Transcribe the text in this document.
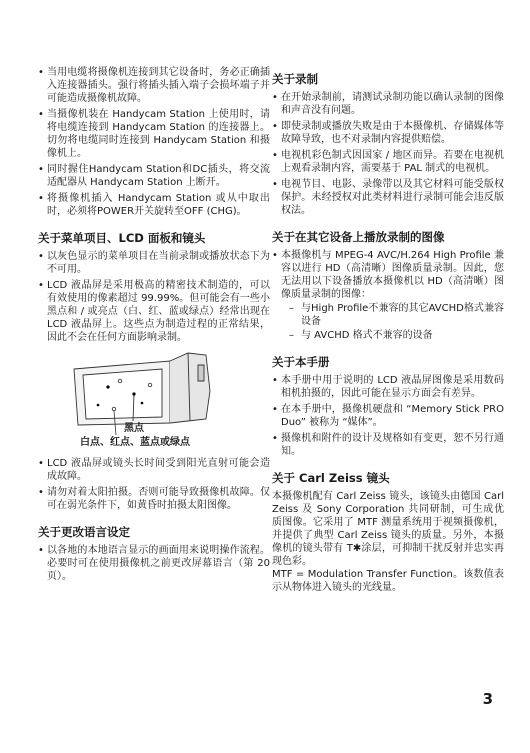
• 当用电缆将摄像机连接到其它设备时，务必正确插入连接器插头。强行将插头插入端子会损坏端子并可能造成摄像机故障。
• 当摄像机装在 Handycam Station 上使用时，请将电缆连接到 Handycam Station 的连接器上。切勿将电缆同时连接到 Handycam Station 和摄像机上。
• 同时握住Handycam Station和DC插头，将交流适配器从 Handycam Station 上断开。
• 将摄像机插入 Handycam Station 或从中取出时，必须将POWER开关旋转至OFF (CHG)。
关于菜单项目、LCD 面板和镜头
• 以灰色显示的菜单项目在当前录制或播放状态下为不可用。
• LCD 液晶屏是采用极高的精密技术制造的，可以有效使用的像素超过 99.99%。但可能会有一些小黑点和 / 或亮点（白、红、蓝或绿点）经常出现在 LCD 液晶屏上。这些点为制造过程的正常结果，因此不会在任何方面影响录制。
黑点
白点、红点、蓝点或绿点
• LCD 液晶屏或镜头长时间受到阳光直射可能会造成故障。
• 请勿对着太阳拍摄。否则可能导致摄像机故障。仅可在弱光条件下，如黄昏时拍摄太阳图像。
关于更改语言设定
• 以各地的本地语言显示的画面用来说明操作流程。必要时可在使用摄像机之前更改屏幕语言（第 20 页）。
关于录制
• 在开始录制前，请测试录制功能以确认录制的图像和声音没有问题。
• 即使录制或播放失败是由于本摄像机、存储媒体等故障导致，也不对录制内容提供赔偿。
• 电视机彩色制式因国家 / 地区而异。若要在电视机上观看录制内容，需要基于 PAL 制式的电视机。
• 电视节目、电影、录像带以及其它材料可能受版权保护。未经授权对此类材料进行录制可能会违反版权法。
关于在其它设备上播放录制的图像
• 本摄像机与 MPEG-4 AVC/H.264 High Profile 兼容以进行 HD（高清晰）图像质量录制。因此，您无法用以下设备播放本摄像机以 HD（高清晰）图像质量录制的图像：
– 与High Profile不兼容的其它AVCHD格式兼容设备
– 与 AVCHD 格式不兼容的设备
关于本手册
• 本手册中用于说明的 LCD 液晶屏图像是采用数码相机拍摄的，因此可能在显示方面会有差异。
• 在本手册中，摄像机硬盘和 “Memory Stick PRO Duo” 被称为 “媒体”。
• 摄像机和附件的设计及规格如有变更，恕不另行通知。
关于 Carl Zeiss 镜头

本摄像机配有 Carl Zeiss 镜头，该镜头由德国 Carl Zeiss 及 Sony Corporation 共同研制，可生成优质图像。它采用了 MTF 测量系统用于视频摄像机，并提供了典型 Carl Zeiss 镜头的质量。另外，本摄像机的镜头带有 T✱涂层，可抑制干扰反射并忠实再现色彩。

MTF = Modulation Transfer Function。该数值表示从物体进入镜头的光线量。

3
